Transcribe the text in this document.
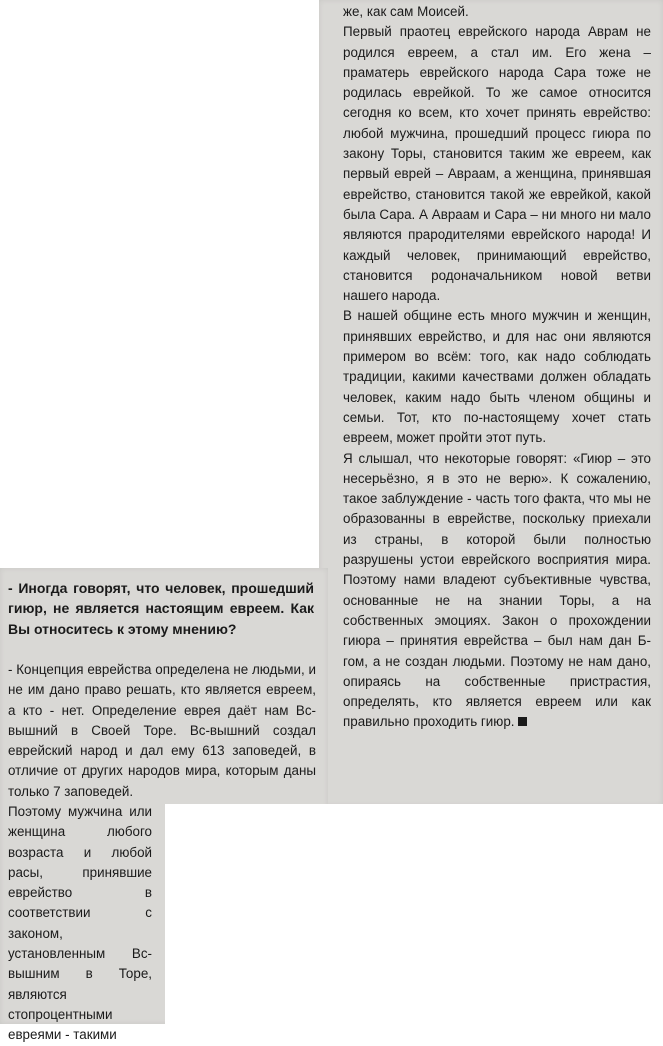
же, как сам Моисей.

Первый праотец еврейского народа Аврам не родился евреем, а стал им. Его жена – праматерь еврейского народа Сара тоже не родилась еврейкой. То же самое относится сегодня ко всем, кто хочет принять еврейство: любой мужчина, прошедший процесс гиюра по закону Торы, становится таким же евреем, как первый еврей – Авраам, а женщина, принявшая еврейство, становится такой же еврейкой, какой была Сара. А Авраам и Сара – ни много ни мало являются прародителями еврейского народа! И каждый человек, принимающий еврейство, становится родоначальником новой ветви нашего народа.

В нашей общине есть много мужчин и женщин, принявших еврейство, и для нас они являются примером во всём: того, как надо соблюдать традиции, какими качествами должен обладать человек, каким надо быть членом общины и семьи. Тот, кто по-настоящему хочет стать евреем, может пройти этот путь.

Я слышал, что некоторые говорят: «Гиюр – это несерьёзно, я в это не верю». К сожалению, такое заблуждение - часть того факта, что мы не образованны в еврействе, поскольку приехали из страны, в которой были полностью разрушены устои еврейского восприятия мира. Поэтому нами владеют субъективные чувства, основанные не на знании Торы, а на собственных эмоциях. Закон о прохождении гиюра – принятия еврейства – был нам дан Б-гом, а не создан людьми. Поэтому не нам дано, опираясь на собственные пристрастия, определять, кто является евреем или как правильно проходить гиюр.

- Иногда говорят, что человек, прошедший гиюр, не является настоящим евреем. Как Вы относитесь к этому мнению?

- Концепция еврейства определена не людьми, и не им дано право решать, кто является евреем, а кто - нет. Определение еврея даёт нам Вс-вышний в Своей Торе. Вс-вышний создал еврейский народ и дал ему 613 заповедей, в отличие от других народов мира, которым даны только 7 заповедей.

Поэтому мужчина или женщина любого возраста и любой расы, принявшие еврейство в соответствии с законом, установленным Вс-вышним в Торе, являются стопроцентными евреями - такими
